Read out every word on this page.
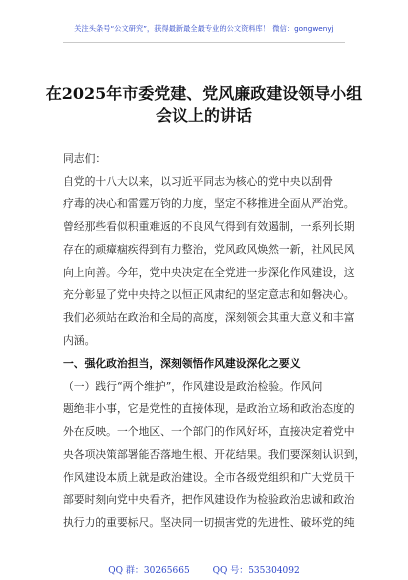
关注头条号“公文研究”，获得最新最全最专业的公文资料库！ 微信：gongwenyj
在2025年市委党建、党风廉政建设领导小组
会议上的讲话
同志们：
自党的十八大以来，以习近平同志为核心的党中央以刮骨
疗毒的决心和雷霆万钧的力度，坚定不移推进全面从严治党。
曾经那些看似积重难返的不良风气得到有效遏制，一系列长期
存在的顽瘴痼疾得到有力整治，党风政风焕然一新，社风民风
向上向善。今年，党中央决定在全党进一步深化作风建设，这
充分彰显了党中央持之以恒正风肃纪的坚定意志和如磐决心。
我们必须站在政治和全局的高度，深刻领会其重大意义和丰富
内涵。
一、强化政治担当，深刻领悟作风建设深化之要义
（一）践行“两个维护”，作风建设是政治检验。作风问
题绝非小事，它是党性的直接体现，是政治立场和政治态度的
外在反映。一个地区、一个部门的作风好坏，直接决定着党中
央各项决策部署能否落地生根、开花结果。我们要深刻认识到，
作风建设本质上就是政治建设。全市各级党组织和广大党员干
部要时刻向党中央看齐，把作风建设作为检验政治忠诚和政治
执行力的重要标尺。坚决同一切损害党的先进性、破坏党的纯
QQ 群：30265665	QQ 号：535304092
